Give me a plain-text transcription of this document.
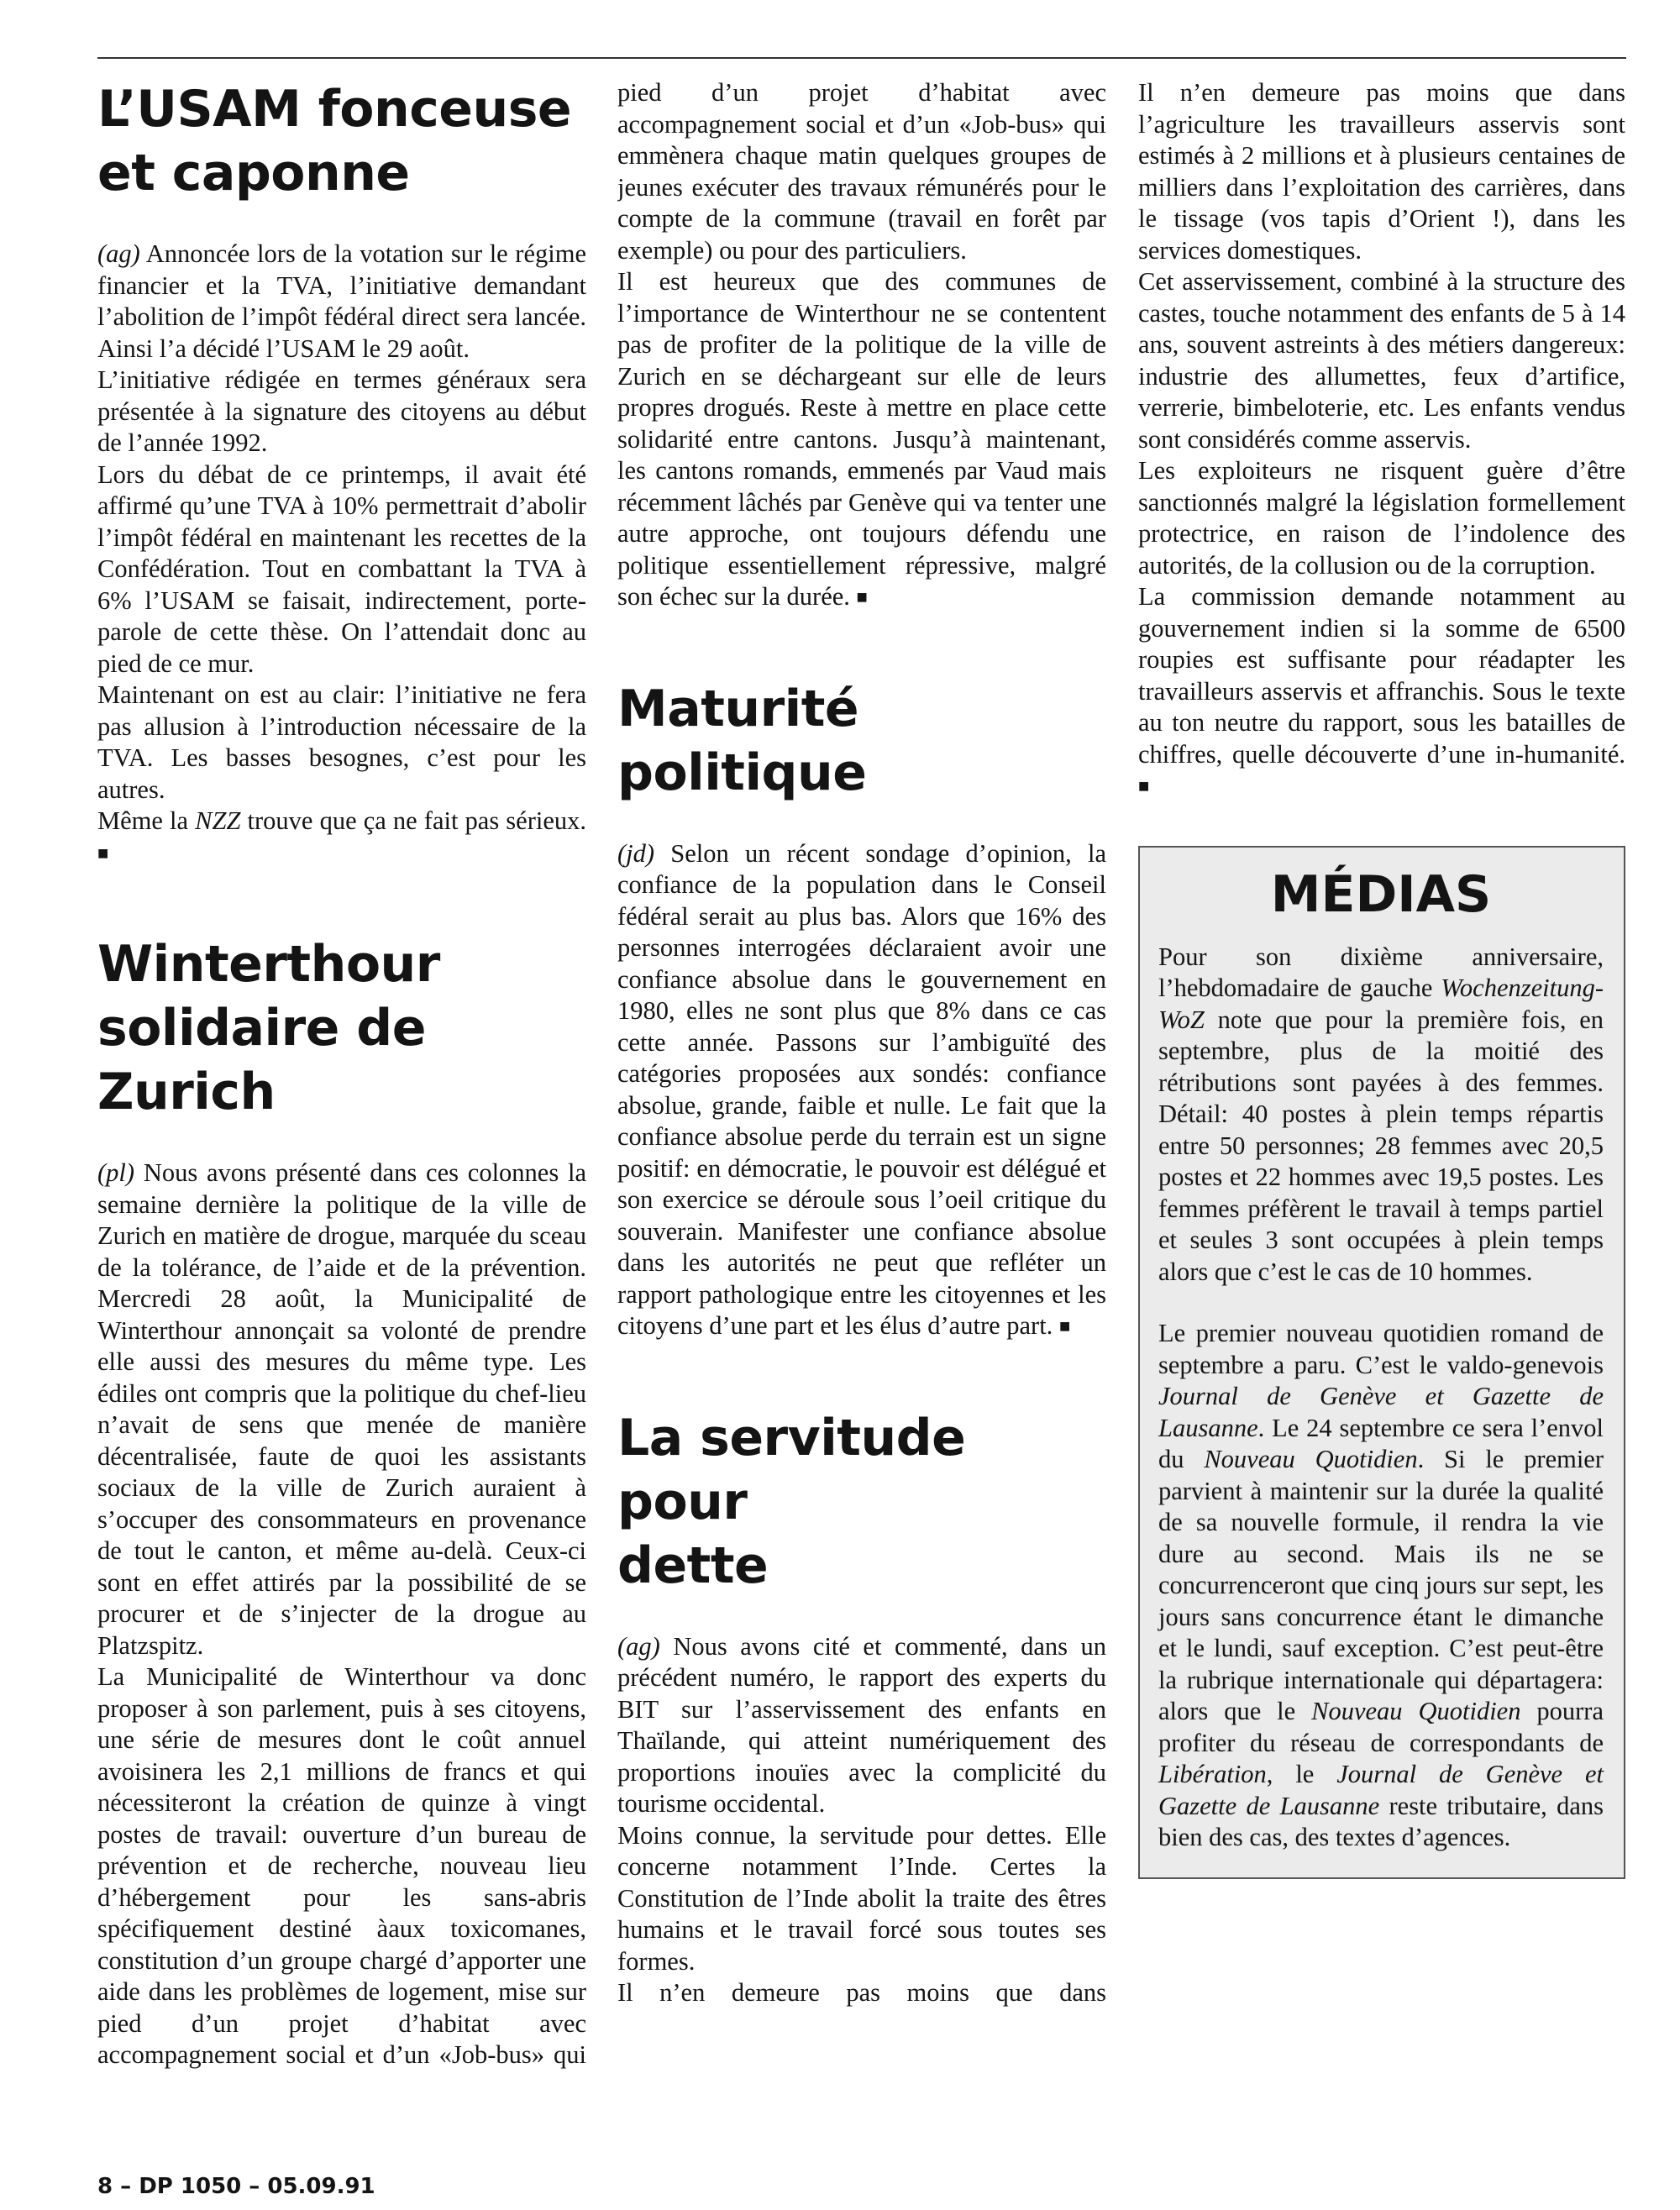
L’USAM fonceuse
et caponne

(ag) Annoncée lors de la votation sur le régime financier et la TVA, l’initiative demandant l’abolition de l’impôt fédéral direct sera lancée. Ainsi l’a décidé l’USAM le 29 août.

L’initiative rédigée en termes généraux sera présentée à la signature des citoyens au début de l’année 1992.

Lors du débat de ce printemps, il avait été affirmé qu’une TVA à 10% permettrait d’abolir l’impôt fédéral en maintenant les recettes de la Confédération. Tout en combattant la TVA à 6% l’USAM se faisait, indirectement, porte-parole de cette thèse. On l’attendait donc au pied de ce mur.

Maintenant on est au clair: l’initiative ne fera pas allusion à l’introduction nécessaire de la TVA. Les basses besognes, c’est pour les autres.

Même la NZZ trouve que ça ne fait pas sérieux. ■

Winterthour
solidaire de Zurich

(pl) Nous avons présenté dans ces colonnes la semaine dernière la politique de la ville de Zurich en matière de drogue, marquée du sceau de la tolérance, de l’aide et de la prévention. Mercredi 28 août, la Municipalité de Winterthour annonçait sa volonté de prendre elle aussi des mesures du même type. Les édiles ont compris que la politique du chef-lieu n’avait de sens que menée de manière décentralisée, faute de quoi les assistants sociaux de la ville de Zurich auraient à s’occuper des consommateurs en provenance de tout le canton, et même au-delà. Ceux-ci sont en effet attirés par la possibilité de se procurer et de s’injecter de la drogue au Platzspitz.

La Municipalité de Winterthour va donc proposer à son parlement, puis à ses citoyens, une série de mesures dont le coût annuel avoisinera les 2,1 millions de francs et qui nécessiteront la création de quinze à vingt postes de travail: ouverture d’un bureau de prévention et de recherche, nouveau lieu d’hébergement pour les sans-abris spécifiquement destiné àaux toxicomanes, constitution d’un groupe chargé d’apporter une aide dans les problèmes de logement, mise sur pied d’un projet d’habitat avec accompagnement social et d’un «Job-bus» qui

pied d’un projet d’habitat avec accompagnement social et d’un «Job-bus» qui emmènera chaque matin quelques groupes de jeunes exécuter des travaux rémunérés pour le compte de la commune (travail en forêt par exemple) ou pour des particuliers.

Il est heureux que des communes de l’importance de Winterthour ne se contentent pas de profiter de la politique de la ville de Zurich en se déchargeant sur elle de leurs propres drogués. Reste à mettre en place cette solidarité entre cantons. Jusqu’à maintenant, les cantons romands, emmenés par Vaud mais récemment lâchés par Genève qui va tenter une autre approche, ont toujours défendu une politique essentiellement répressive, malgré son échec sur la durée. ■

Maturité politique

(jd) Selon un récent sondage d’opinion, la confiance de la population dans le Conseil fédéral serait au plus bas. Alors que 16% des personnes interrogées déclaraient avoir une confiance absolue dans le gouvernement en 1980, elles ne sont plus que 8% dans ce cas cette année. Passons sur l’ambiguïté des catégories proposées aux sondés: confiance absolue, grande, faible et nulle. Le fait que la confiance absolue perde du terrain est un signe positif: en démocratie, le pouvoir est délégué et son exercice se déroule sous l’oeil critique du souverain. Manifester une confiance absolue dans les autorités ne peut que refléter un rapport pathologique entre les citoyennes et les citoyens d’une part et les élus d’autre part. ■

La servitude pour
dette

(ag) Nous avons cité et commenté, dans un précédent numéro, le rapport des experts du BIT sur l’asservissement des enfants en Thaïlande, qui atteint numériquement des proportions inouïes avec la complicité du tourisme occidental.

Moins connue, la servitude pour dettes. Elle concerne notamment l’Inde. Certes la Constitution de l’Inde abolit la traite des êtres humains et le travail forcé sous toutes ses formes.

Il n’en demeure pas moins que dans

Il n’en demeure pas moins que dans l’agriculture les travailleurs asservis sont estimés à 2 millions et à plusieurs centaines de milliers dans l’exploitation des carrières, dans le tissage (vos tapis d’Orient !), dans les services domestiques.

Cet asservissement, combiné à la structure des castes, touche notamment des enfants de 5 à 14 ans, souvent astreints à des métiers dangereux: industrie des allumettes, feux d’artifice, verrerie, bimbeloterie, etc. Les enfants vendus sont considérés comme asservis.

Les exploiteurs ne risquent guère d’être sanctionnés malgré la législation formellement protectrice, en raison de l’indolence des autorités, de la collusion ou de la corruption.

La commission demande notamment au gouvernement indien si la somme de 6500 roupies est suffisante pour réadapter les travailleurs asservis et affranchis. Sous le texte au ton neutre du rapport, sous les batailles de chiffres, quelle découverte d’une in-humanité. ■

MÉDIAS

Pour son dixième anniversaire, l’hebdomadaire de gauche Wochenzeitung-WoZ note que pour la première fois, en septembre, plus de la moitié des rétributions sont payées à des femmes. Détail: 40 postes à plein temps répartis entre 50 personnes; 28 femmes avec 20,5 postes et 22 hommes avec 19,5 postes. Les femmes préfèrent le travail à temps partiel et seules 3 sont occupées à plein temps alors que c’est le cas de 10 hommes.

Le premier nouveau quotidien romand de septembre a paru. C’est le valdo-genevois Journal de Genève et Gazette de Lausanne. Le 24 septembre ce sera l’envol du Nouveau Quotidien. Si le premier parvient à maintenir sur la durée la qualité de sa nouvelle formule, il rendra la vie dure au second. Mais ils ne se concurrenceront que cinq jours sur sept, les jours sans concurrence étant le dimanche et le lundi, sauf exception. C’est peut-être la rubrique internationale qui départagera: alors que le Nouveau Quotidien pourra profiter du réseau de correspondants de Libération, le Journal de Genève et Gazette de Lausanne reste tributaire, dans bien des cas, des textes d’agences.

8 – DP 1050 – 05.09.91
